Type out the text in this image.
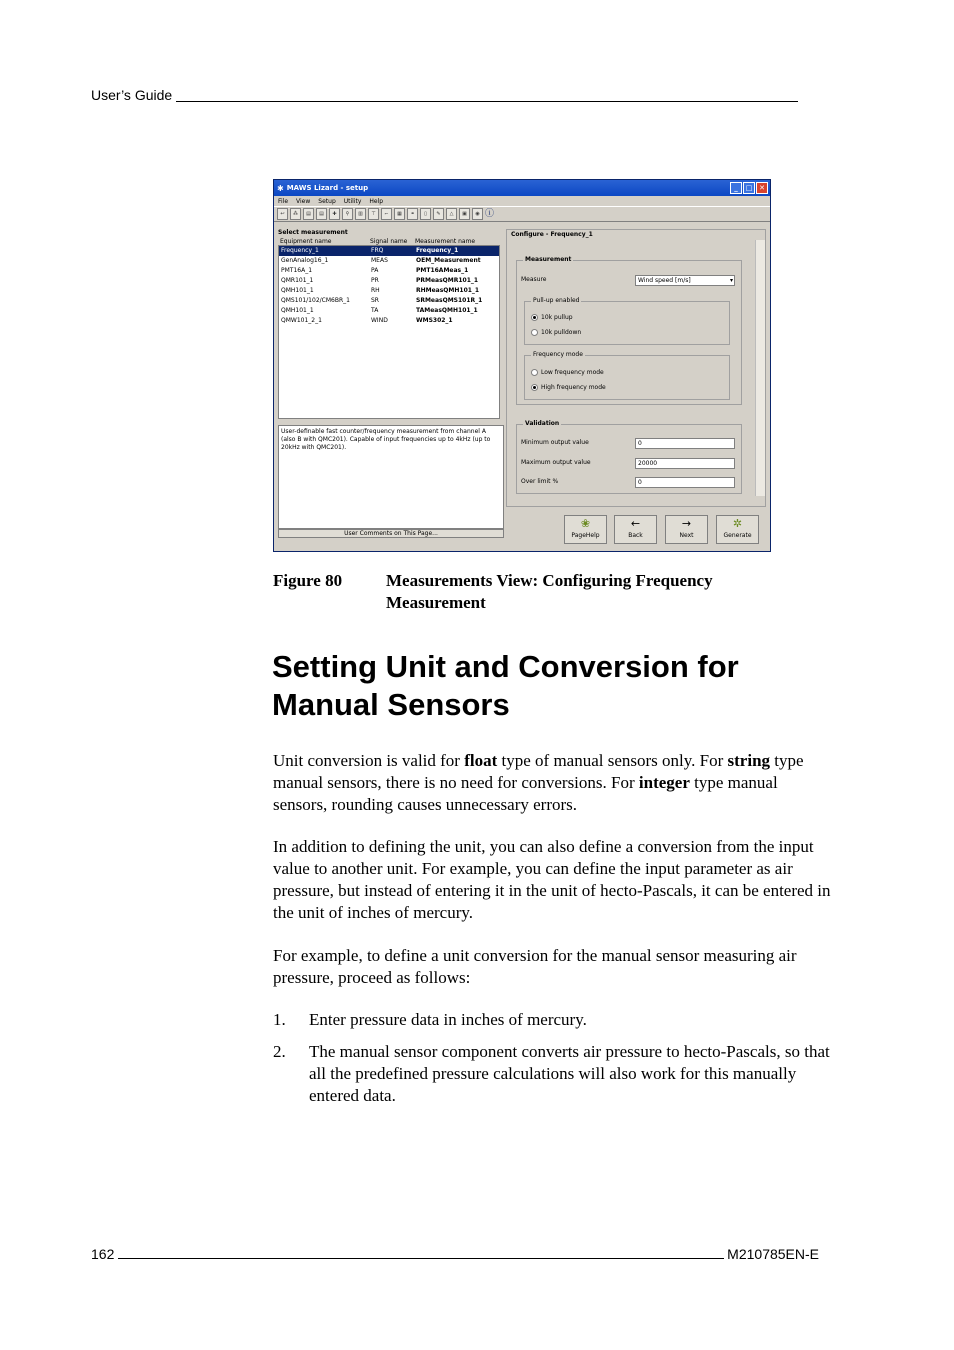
User’s Guide
✱ MAWS Lizard - setup	_	□ ✕
File View Setup Utility Help
↩	⁂	▤	▤	✚	⚲	▥	⊤	⌐	▦	⚭	▯	✎	△	▣	◉ ⓘ
Select measurement
Equipment name	Signal name	Measurement name
Frequency_1	FRQ	Frequency_1
GenAnalog16_1	MEAS	OEM_Measurement
PMT16A_1	PA	PMT16AMeas_1
QMR101_1	PR	PRMeasQMR101_1
QMH101_1	RH	RHMeasQMH101_1
QMS101/102/CM6BR_1	SR	SRMeasQMS101R_1
QMH101_1	TA	TAMeasQMH101_1
QMW101_2_1	WIND	WMS302_1
User-definable fast counter/frequency measurement from channel A (also B with QMC201). Capable of input frequencies up to 4kHz (up to 20kHz with QMC201).
User Comments on This Page...
Configure - Frequency_1
Measurement
Measure	Wind speed [m/s]	▾
Pull-up enabled
10k pullup
10k pulldown
Frequency mode
Low frequency mode
High frequency mode
Validation
Minimum output value	0
Maximum output value	20000
Over limit %	0
❀
PageHelp
←
Back
→
Next
✲
Generate
Figure 80	Measurements View: Configuring Frequency Measurement
Setting Unit and Conversion for Manual Sensors

Unit conversion is valid for float type of manual sensors only. For string type manual sensors, there is no need for conversions. For integer type manual sensors, rounding causes unnecessary errors.

In addition to defining the unit, you can also define a conversion from the input value to another unit. For example, you can define the input parameter as air pressure, but instead of entering it in the unit of hecto-Pascals, it can be entered in the unit of inches of mercury.

For example, to define a unit conversion for the manual sensor measuring air pressure, proceed as follows:

1.	Enter pressure data in inches of mercury.
2.	The manual sensor component converts air pressure to hecto-Pascals, so that all the predefined pressure calculations will also work for this manually entered data.
162	M210785EN-E
